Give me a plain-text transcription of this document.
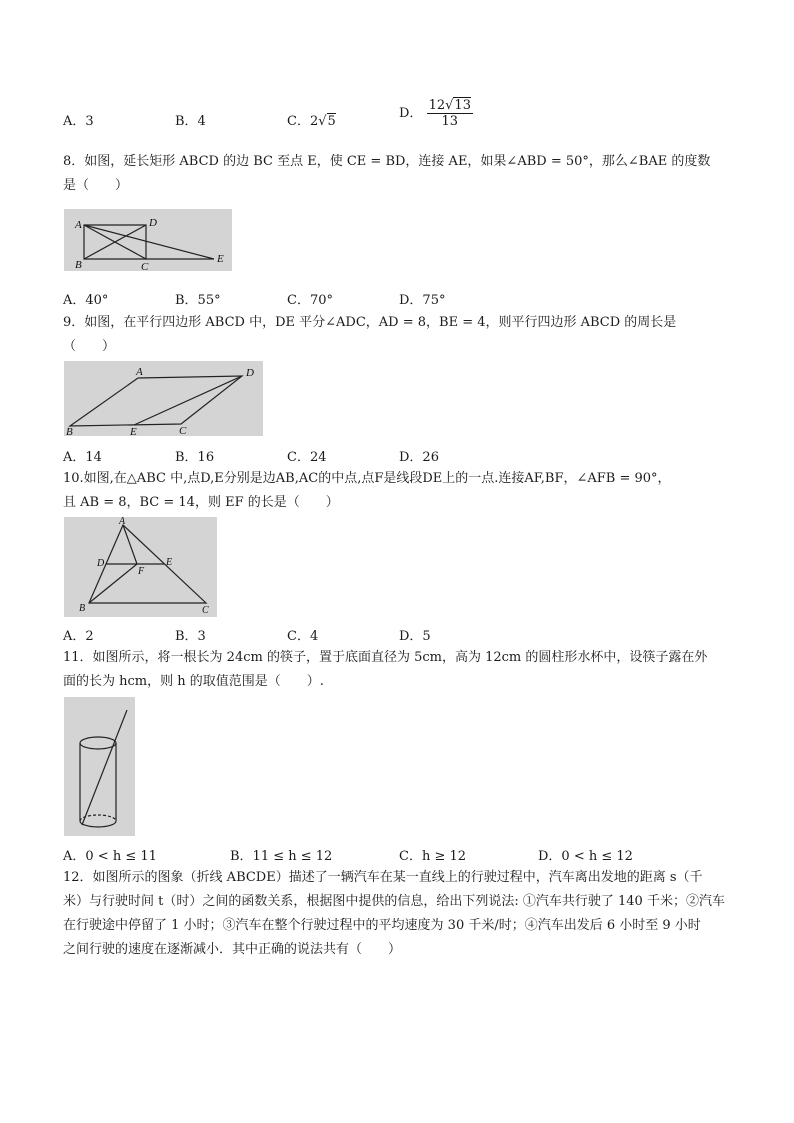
A．3	B．4	C．2√5
D． $\frac{12√13}{13}$
8．如图，延长矩形 ABCD 的边 BC 至点 E，使 CE = BD，连接 AE，如果∠ABD = 50°，那么∠BAE 的度数
是（　　）
A	D
B	C
E
A．40°	B．55°	C．70°	D．75°
9．如图，在平行四边形 ABCD 中，DE 平分∠ADC，AD = 8，BE = 4，则平行四边形 ABCD 的周长是
（　　）
A	D
B	E	C
A．14	B．16	C．24	D．26
10.如图,在△ABC 中,点D,E分别是边AB,AC的中点,点F是线段DE上的一点.连接AF,BF，∠AFB = 90°，
且 AB = 8，BC = 14，则 EF 的长是（　　）
A
D	E
F
B	C
A．2	B．3	C．4	D．5
11．如图所示，将一根长为 24cm 的筷子，置于底面直径为 5cm，高为 12cm 的圆柱形水杯中，设筷子露在外
面的长为 hcm，则 h 的取值范围是（　　）.
A．0 < h ≤ 11	B．11 ≤ h ≤ 12	C．h ≥ 12	D．0 < h ≤ 12
12．如图所示的图象（折线 ABCDE）描述了一辆汽车在某一直线上的行驶过程中，汽车离出发地的距离 s（千
米）与行驶时间 t（时）之间的函数关系，根据图中提供的信息，给出下列说法: ①汽车共行驶了 140 千米；②汽车
在行驶途中停留了 1 小时；③汽车在整个行驶过程中的平均速度为 30 千米/时；④汽车出发后 6 小时至 9 小时
之间行驶的速度在逐渐减小．其中正确的说法共有（　　）
